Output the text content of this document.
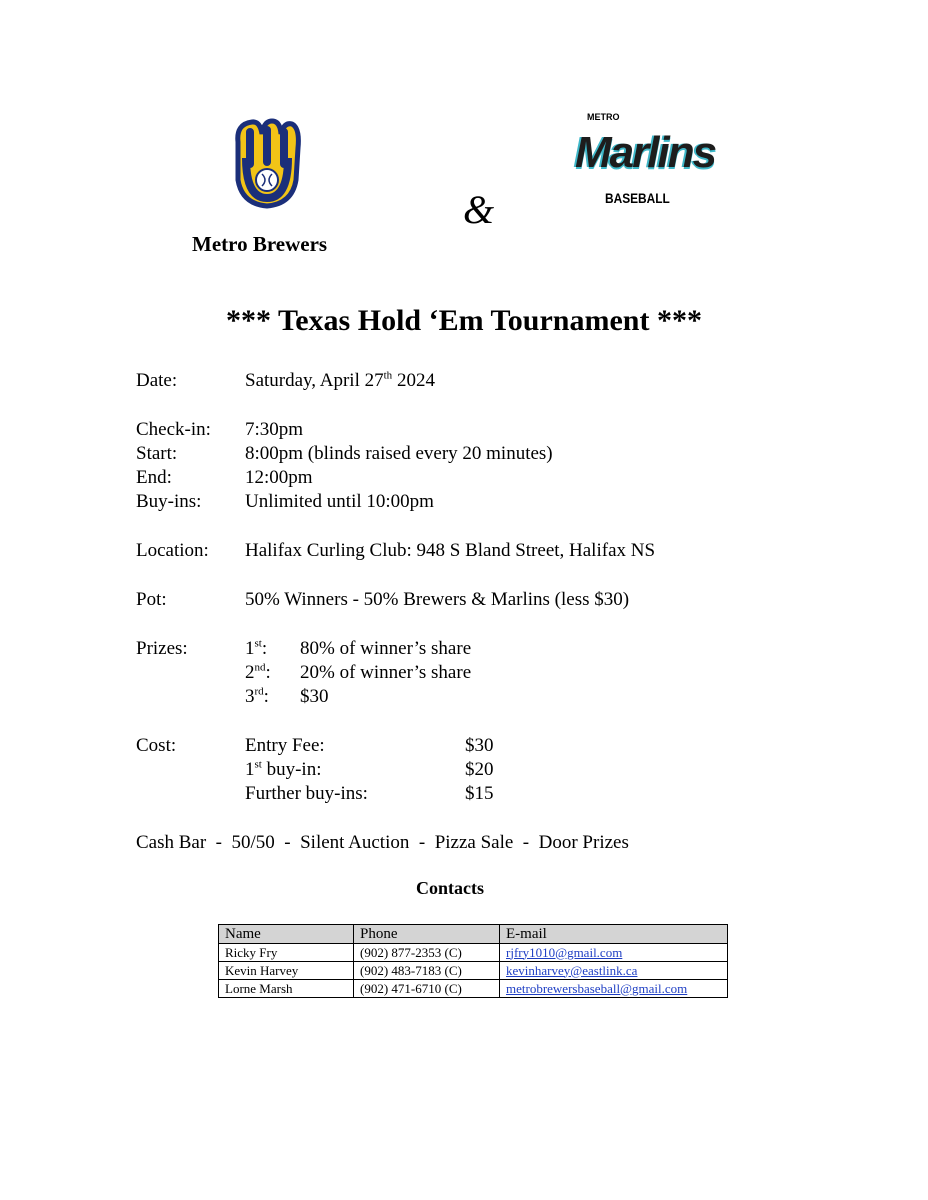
Metro Brewers
&
METRO
Marlins
BASEBALL
*** Texas Hold ‘Em Tournament ***
Date:	Saturday, April 27th 2024
Check-in: 7:30pm
Start:	8:00pm (blinds raised every 20 minutes)
End:	12:00pm
Buy-ins: Unlimited until 10:00pm
Location: Halifax Curling Club: 948 S Bland Street, Halifax NS
Pot:	50% Winners - 50% Brewers & Marlins (less $30)
Prizes:	1st: 80% of winner’s share
2nd: 20% of winner’s share
3rd: $30
Cost:	Entry Fee:	$30
1st buy-in:	$20
Further buy-ins:	$15
Cash Bar  -  50/50  -  Silent Auction  -  Pizza Sale  -  Door Prizes
Contacts
Name	Phone	E-mail
Ricky Fry	(902) 877-2353 (C)	rjfry1010@gmail.com
Kevin Harvey	(902) 483-7183 (C)	kevinharvey@eastlink.ca
Lorne Marsh	(902) 471-6710 (C)	metrobrewersbaseball@gmail.com
